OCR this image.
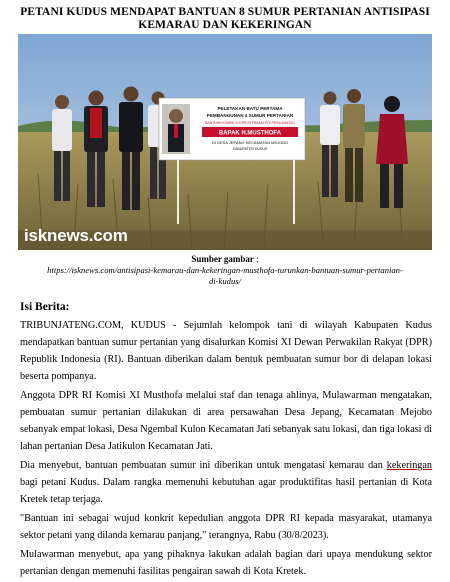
PETANI KUDUS MENDAPAT BANTUAN 8 SUMUR PERTANIAN ANTISIPASI
KEMARAU DAN KEKERINGAN
PELETAKAN BATU PERTAMA
PEMBANGUNAN 4 SUMUR PERTANIAN
BANTUAN KOMISI XI DPR RI FRAKSI PDI PERJUANGAN
BAPAK H.MUSTHOFA
DI DESA JEPANG KECAMATAN MEJOBO
KABUPATEN KUDUS
isknews.com
Sumber gambar :
https://isknews.com/antisipasi-kemarau-dan-kekeringan-musthofa-turunkan-bantuan-sumur-pertanian-
di-kudus/
Isi Berita:

TRIBUNJATENG.COM, KUDUS - Sejumlah kelompok tani di wilayah Kabupaten Kudus mendapatkan bantuan sumur pertanian yang disalurkan Komisi XI Dewan Perwakilan Rakyat (DPR) Republik Indonesia (RI). Bantuan diberikan dalam bentuk pembuatan sumur bor di delapan lokasi beserta pompanya.

Anggota DPR RI Komisi XI Musthofa melalui staf dan tenaga ahlinya, Mulawarman mengatakan, pembuatan sumur pertanian dilakukan di area persawahan Desa Jepang, Kecamatan Mejobo sebanyak empat lokasi, Desa Ngembal Kulon Kecamatan Jati sebanyak satu lokasi, dan tiga lokasi di lahan pertanian Desa Jatikulon Kecamatan Jati.

Dia menyebut, bantuan pembuatan sumur ini diberikan untuk mengatasi kemarau dan kekeringan bagi petani Kudus. Dalam rangka memenuhi kebutuhan agar produktifitas hasil pertanian di Kota Kretek tetap terjaga.

"Bantuan ini sebagai wujud konkrit kepedulian anggota DPR RI kepada masyarakat, utamanya sektor petani yang dilanda kemarau panjang," terangnya, Rabu (30/8/2023).

Mulawarman menyebut, apa yang pihaknya lakukan adalah bagian dari upaya mendukung sektor pertanian dengan memenuhi fasilitas pengairan sawah di Kota Kretek.
